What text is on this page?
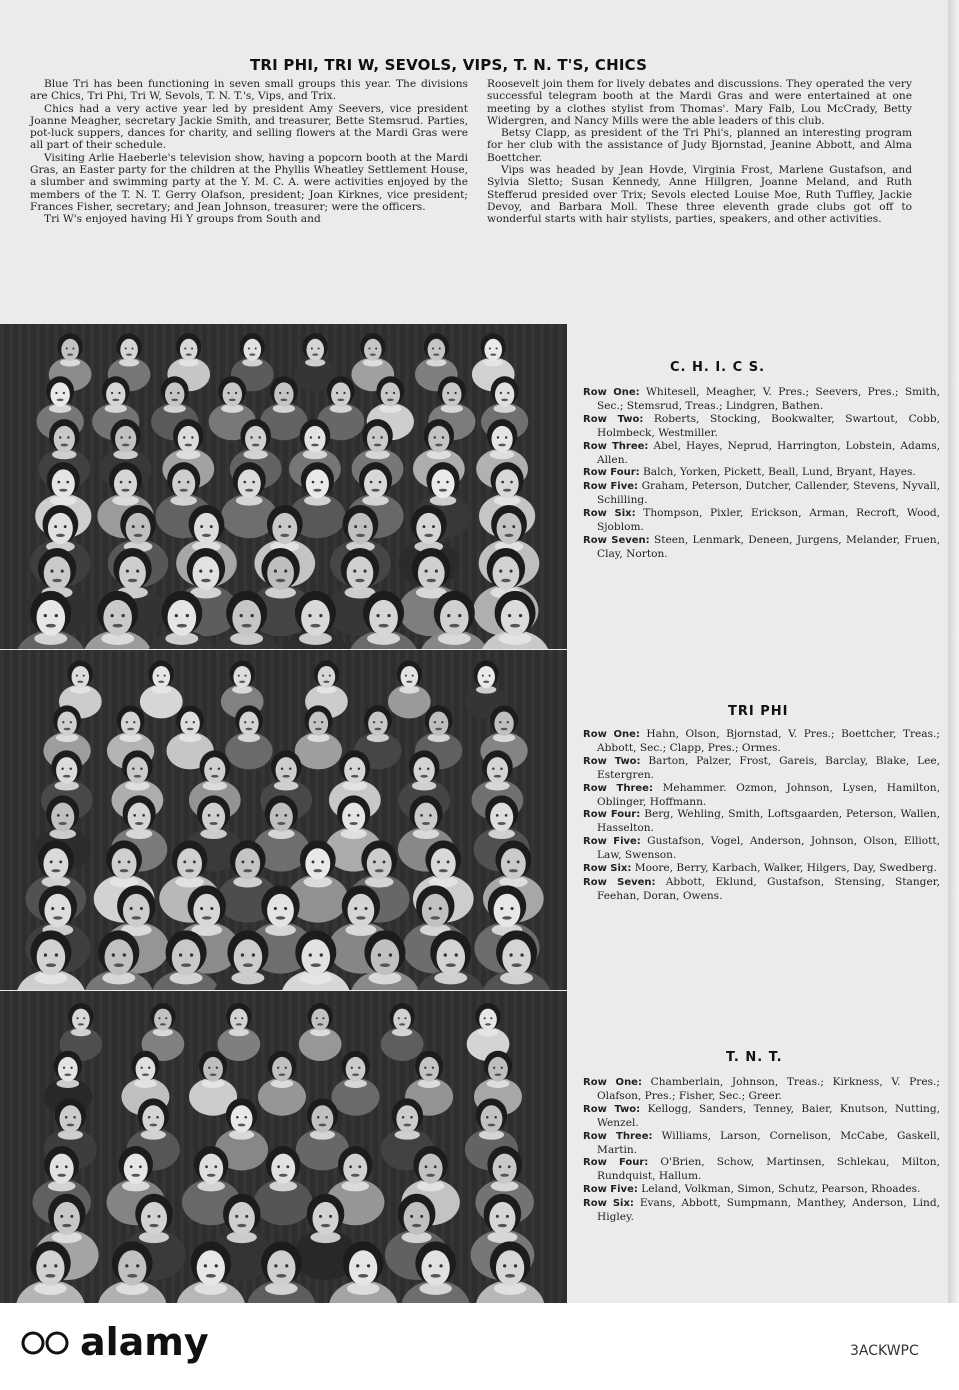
TRI PHI, TRI W, SEVOLS, VIPS, T. N. T'S, CHICS

Blue Tri has been functioning in seven small groups this year. The divisions are Chics, Tri Phi, Tri W, Sevols, T. N. T.'s, Vips, and Trix.

Chics had a very active year led by president Amy Seevers, vice president Joanne Meagher, secretary Jackie Smith, and treasurer, Bette Stemsrud. Parties, pot-luck suppers, dances for charity, and selling flowers at the Mardi Gras were all part of their schedule.

Visiting Arlie Haeberle's television show, having a popcorn booth at the Mardi Gras, an Easter party for the children at the Phyllis Wheatley Settlement House, a slumber and swimming party at the Y. M. C. A. were activities enjoyed by the members of the T. N. T. Gerry Olafson, president; Joan Kirknes, vice president; Frances Fisher, secretary; and Jean Johnson, treasurer; were the officers.

Tri W's enjoyed having Hi Y groups from South and

Roosevelt join them for lively debates and discussions. They operated the very successful telegram booth at the Mardi Gras and were entertained at one meeting by a clothes stylist from Thomas'. Mary Falb, Lou McCrady, Betty Widergren, and Nancy Mills were the able leaders of this club.

Betsy Clapp, as president of the Tri Phi's, planned an interesting program for her club with the assistance of Judy Bjornstad, Jeanine Abbott, and Alma Boettcher.

Vips was headed by Jean Hovde, Virginia Frost, Marlene Gustafson, and Sylvia Sletto; Susan Kennedy, Anne Hillgren, Joanne Meland, and Ruth Stefferud presided over Trix; Sevols elected Louise Moe, Ruth Tuffley, Jackie Devoy, and Barbara Moll. These three eleventh grade clubs got off to wonderful starts with hair stylists, parties, speakers, and other activities.

C. H. I. C S.

Row One: Whitesell, Meagher, V. Pres.; Seevers, Pres.; Smith, Sec.; Stemsrud, Treas.; Lindgren, Bathen.

Row Two: Roberts, Stocking, Bookwalter, Swartout, Cobb, Holmbeck, Westmiller.

Row Three: Abel, Hayes, Neprud, Harrington, Lobstein, Adams, Allen.

Row Four: Balch, Yorken, Pickett, Beall, Lund, Bryant, Hayes.

Row Five: Graham, Peterson, Dutcher, Callender, Stevens, Nyvall, Schilling.

Row Six: Thompson, Pixler, Erickson, Arman, Recroft, Wood, Sjoblom.

Row Seven: Steen, Lenmark, Deneen, Jurgens, Melander, Fruen, Clay, Norton.

TRI PHI

Row One: Hahn, Olson, Bjornstad, V. Pres.; Boettcher, Treas.; Abbott, Sec.; Clapp, Pres.; Ormes.

Row Two: Barton, Palzer, Frost, Gareis, Barclay, Blake, Lee, Estergren.

Row Three: Mehammer. Ozmon, Johnson, Lysen, Hamilton, Oblinger, Hoffmann.

Row Four: Berg, Wehling, Smith, Loftsgaarden, Peterson, Wallen, Hasselton.

Row Five: Gustafson, Vogel, Anderson, Johnson, Olson, Elliott, Law, Swenson.

Row Six: Moore, Berry, Karbach, Walker, Hilgers, Day, Swedberg.

Row Seven: Abbott, Eklund, Gustafson, Stensing, Stanger, Feehan, Doran, Owens.

T. N. T.

Row One: Chamberlain, Johnson, Treas.; Kirkness, V. Pres.; Olafson, Pres.; Fisher, Sec.; Greer.

Row Two: Kellogg, Sanders, Tenney, Baier, Knutson, Nutting, Wenzel.

Row Three: Williams, Larson, Cornelison, McCabe, Gaskell, Martin.

Row Four: O'Brien, Schow, Martinsen, Schlekau, Milton, Rundquist, Hallum.

Row Five: Leland, Volkman, Simon, Schutz, Pearson, Rhoades.

Row Six: Evans, Abbott, Sumpmann, Manthey, Anderson, Lind, Higley.

alamy	3ACKWPC
